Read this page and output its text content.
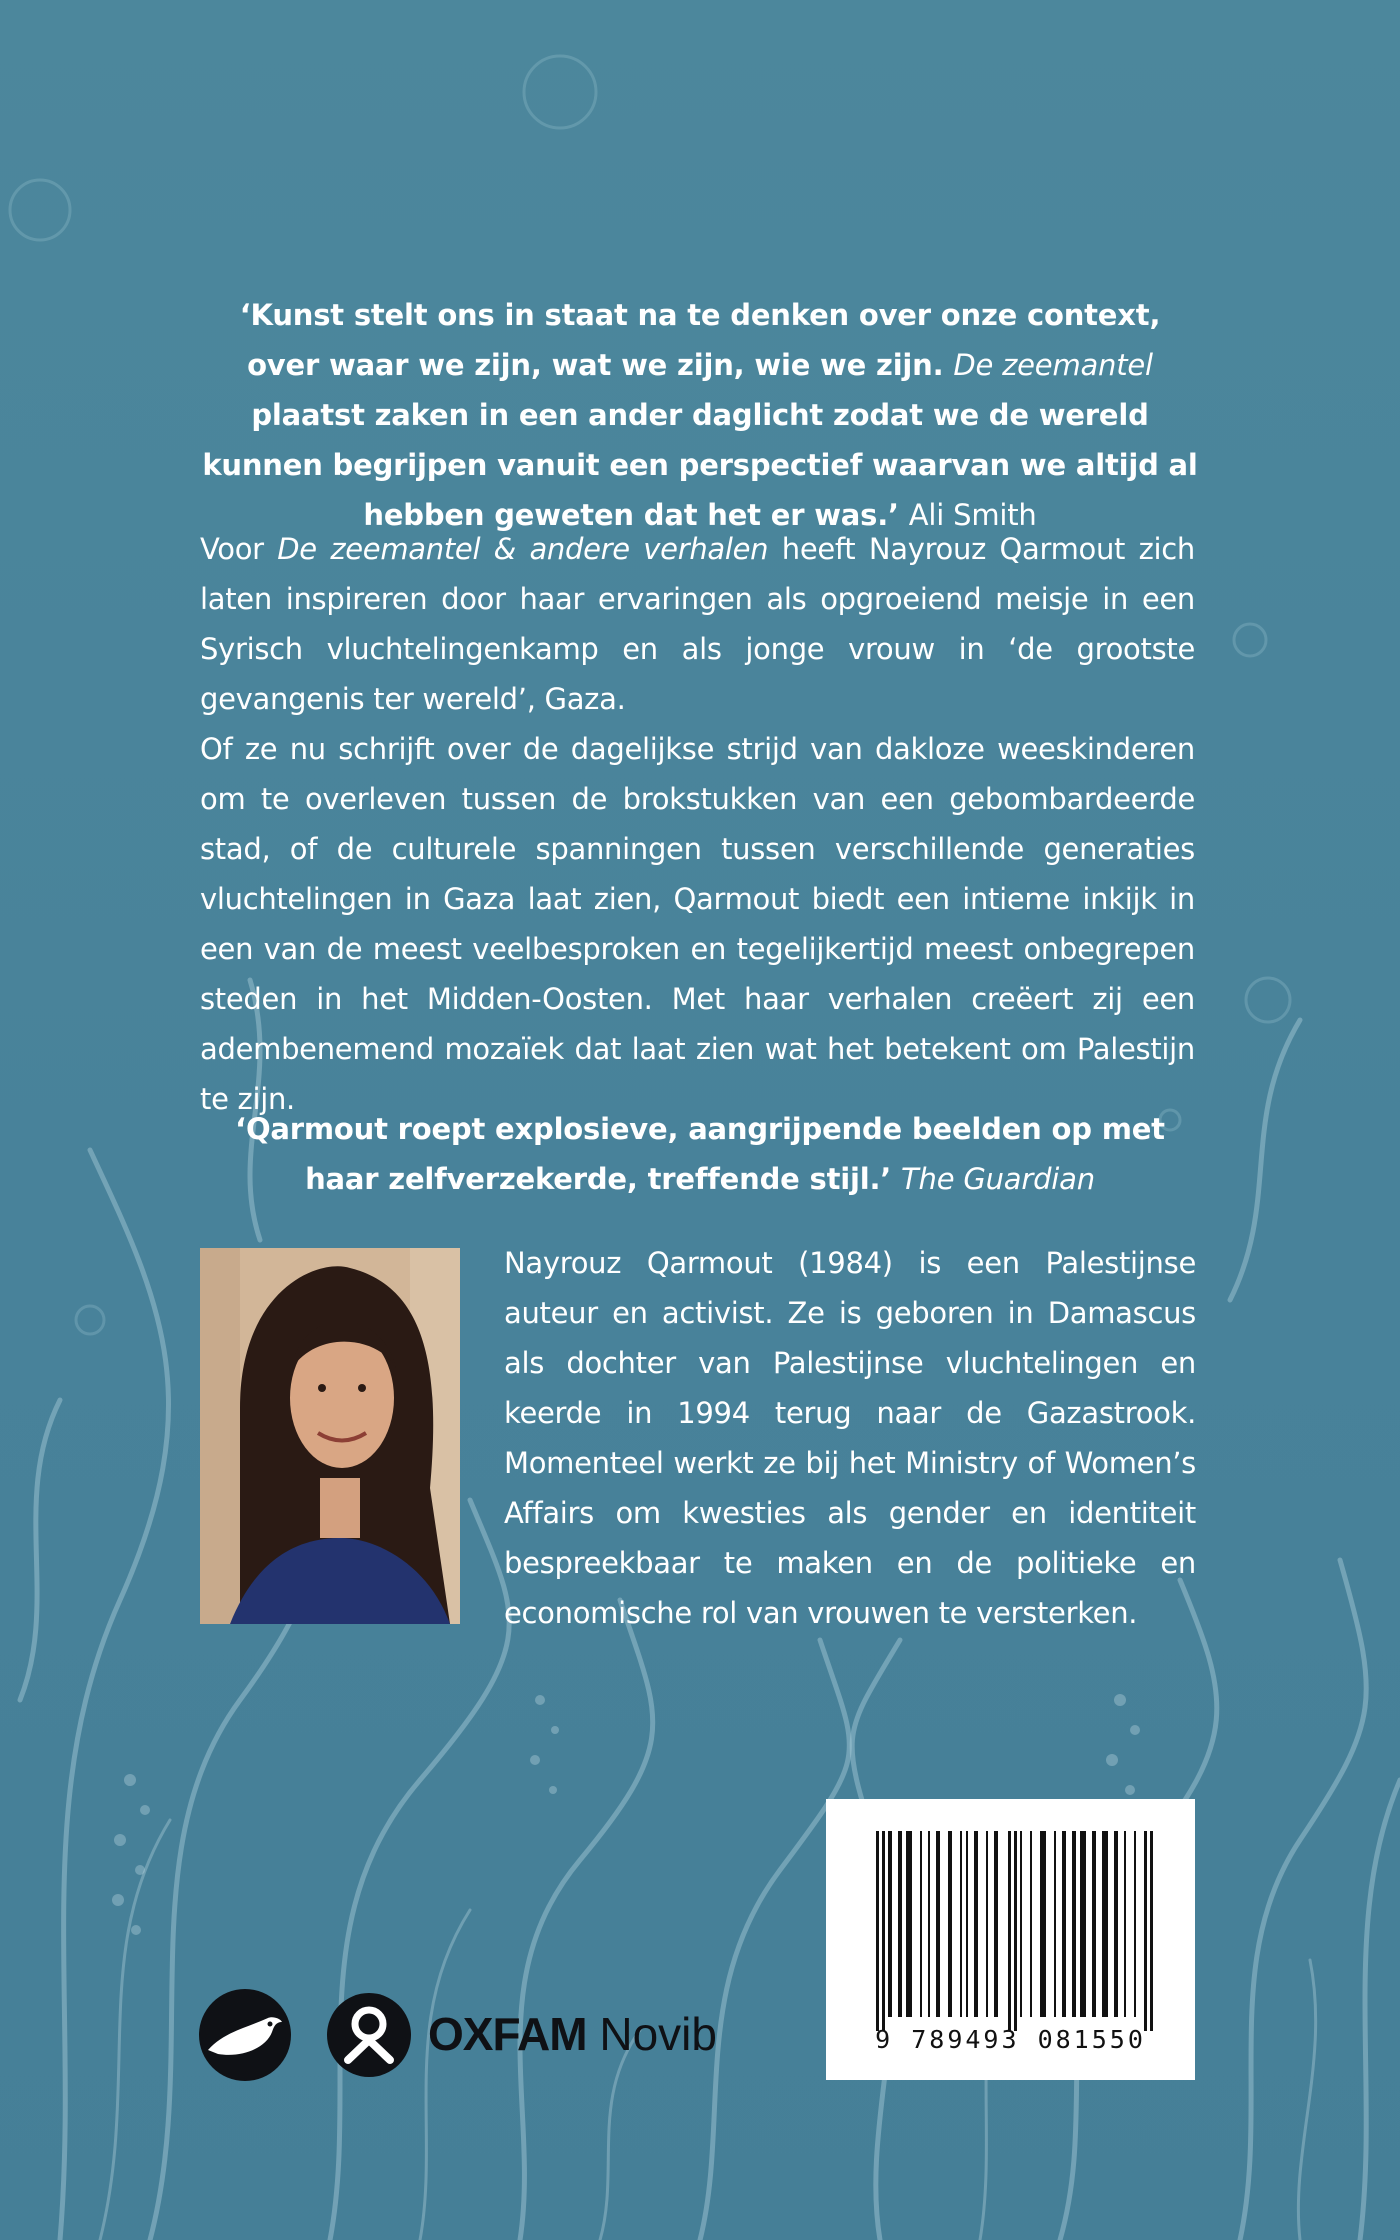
‘Kunst stelt ons in staat na te denken over onze context, over waar we zijn, wat we zijn, wie we zijn. De zeemantel plaatst zaken in een ander daglicht zodat we de wereld kunnen begrijpen vanuit een perspectief waarvan we altijd al hebben geweten dat het er was.’ Ali Smith

Voor De zeemantel & andere verhalen heeft Nayrouz Qarmout zich laten inspireren door haar ervaringen als opgroeiend meisje in een Syrisch vluchtelingenkamp en als jonge vrouw in ‘de grootste gevangenis ter wereld’, Gaza.

Of ze nu schrijft over de dagelijkse strijd van dakloze weeskinderen om te overleven tussen de brokstukken van een gebombardeerde stad, of de culturele spanningen tussen verschillende generaties vluchtelingen in Gaza laat zien, Qarmout biedt een intieme inkijk in een van de meest veelbesproken en tegelijkertijd meest onbegrepen steden in het Midden-Oosten. Met haar verhalen creëert zij een adembenemend mozaïek dat laat zien wat het betekent om Palestijn te zijn.

‘Qarmout roept explosieve, aangrijpende beelden op met haar zelfverzekerde, treffende stijl.’ The Guardian
Nayrouz Qarmout (1984) is een Palestijnse auteur en activist. Ze is geboren in Damascus als dochter van Palestijnse vluchtelingen en keerde in 1994 terug naar de Gazastrook. Momenteel werkt ze bij het Ministry of Women’s Affairs om kwesties als gender en identiteit bespreekbaar te maken en de politieke en economische rol van vrouwen te versterken.
9 789493 081550
OXFAM Novib
